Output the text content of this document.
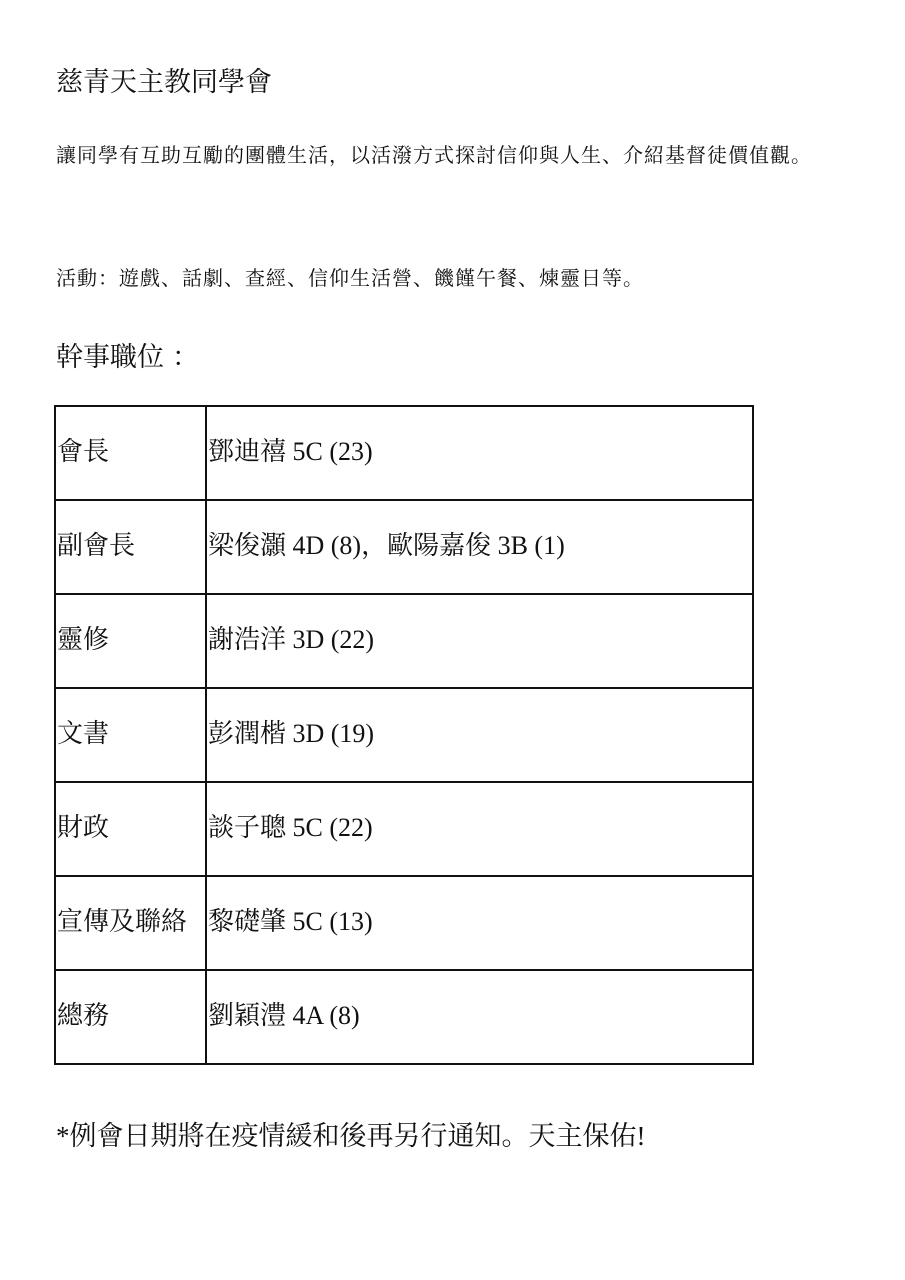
慈青天主教同學會
讓同學有互助互勵的團體生活，以活潑方式探討信仰與人生、介紹基督徒價值觀。
活動：遊戲、話劇、查經、信仰生活營、饑饉午餐、煉靈日等。
幹事職位 ：
會長	鄧迪禧 5C (23)
副會長	梁俊灝 4D (8)，歐陽嘉俊 3B (1)
靈修	謝浩洋 3D (22)
文書	彭潤楷 3D (19)
財政	談子聰 5C (22)
宣傳及聯絡	黎礎肇 5C (13)
總務	劉穎澧 4A (8)
*例會日期將在疫情緩和後再另行通知。天主保佑!
